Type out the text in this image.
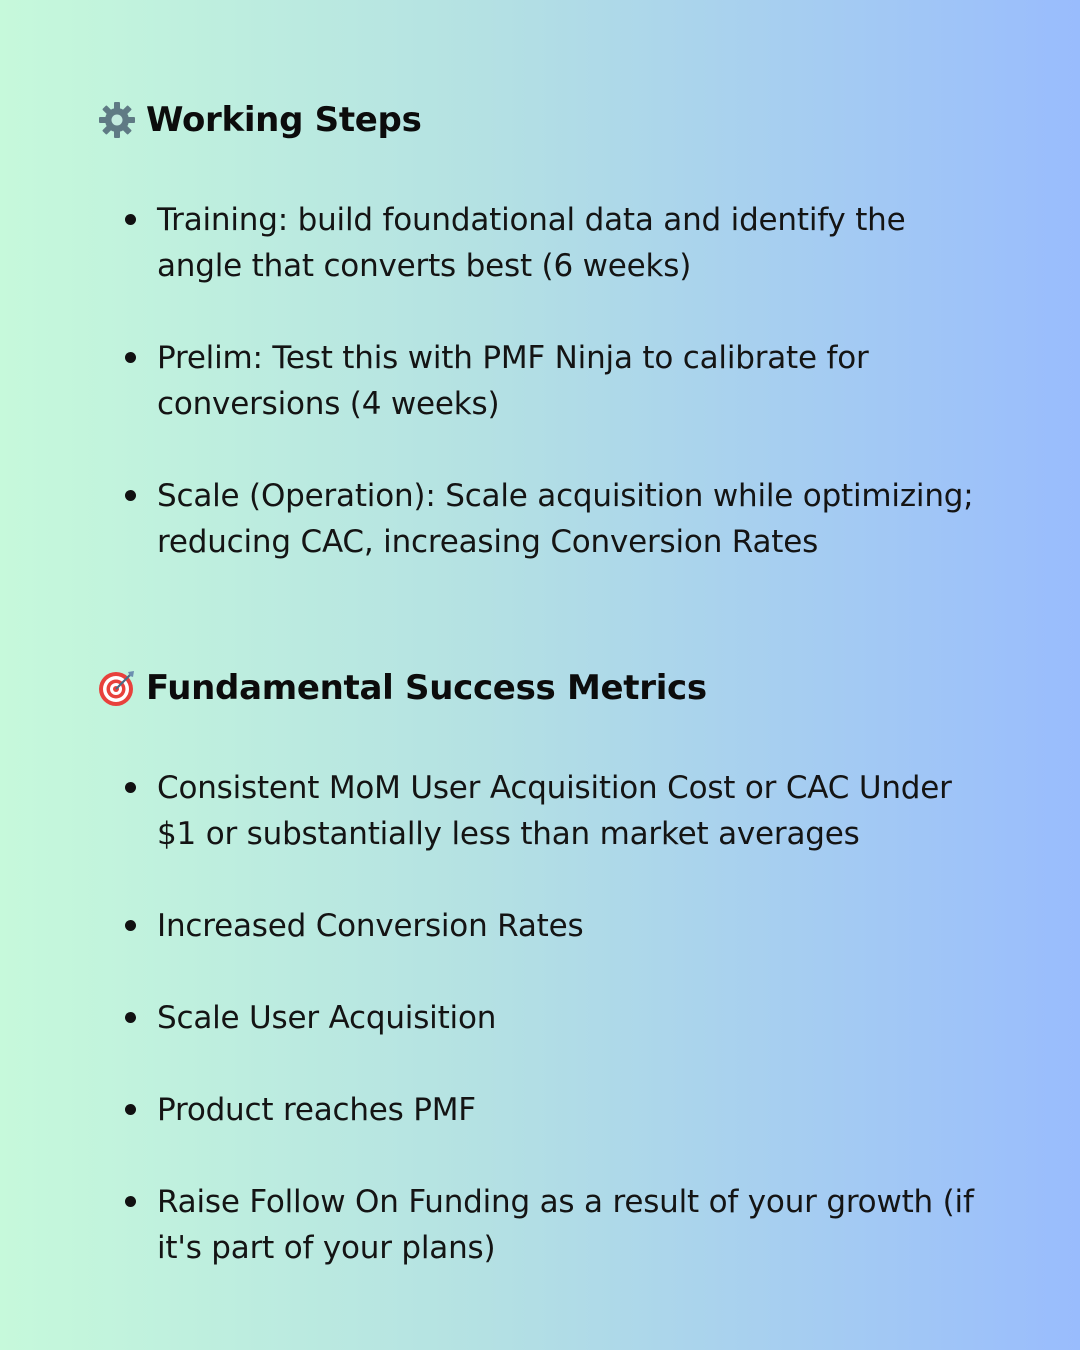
Working Steps
Training: build foundational data and identify the angle that converts best (6 weeks)
Prelim: Test this with PMF Ninja to calibrate for conversions (4 weeks)
Scale (Operation): Scale acquisition while optimizing; reducing CAC, increasing Conversion Rates
Fundamental Success Metrics
Consistent MoM User Acquisition Cost or CAC Under $1 or substantially less than market averages
Increased Conversion Rates
Scale User Acquisition
Product reaches PMF
Raise Follow On Funding as a result of your growth (if it's part of your plans)
